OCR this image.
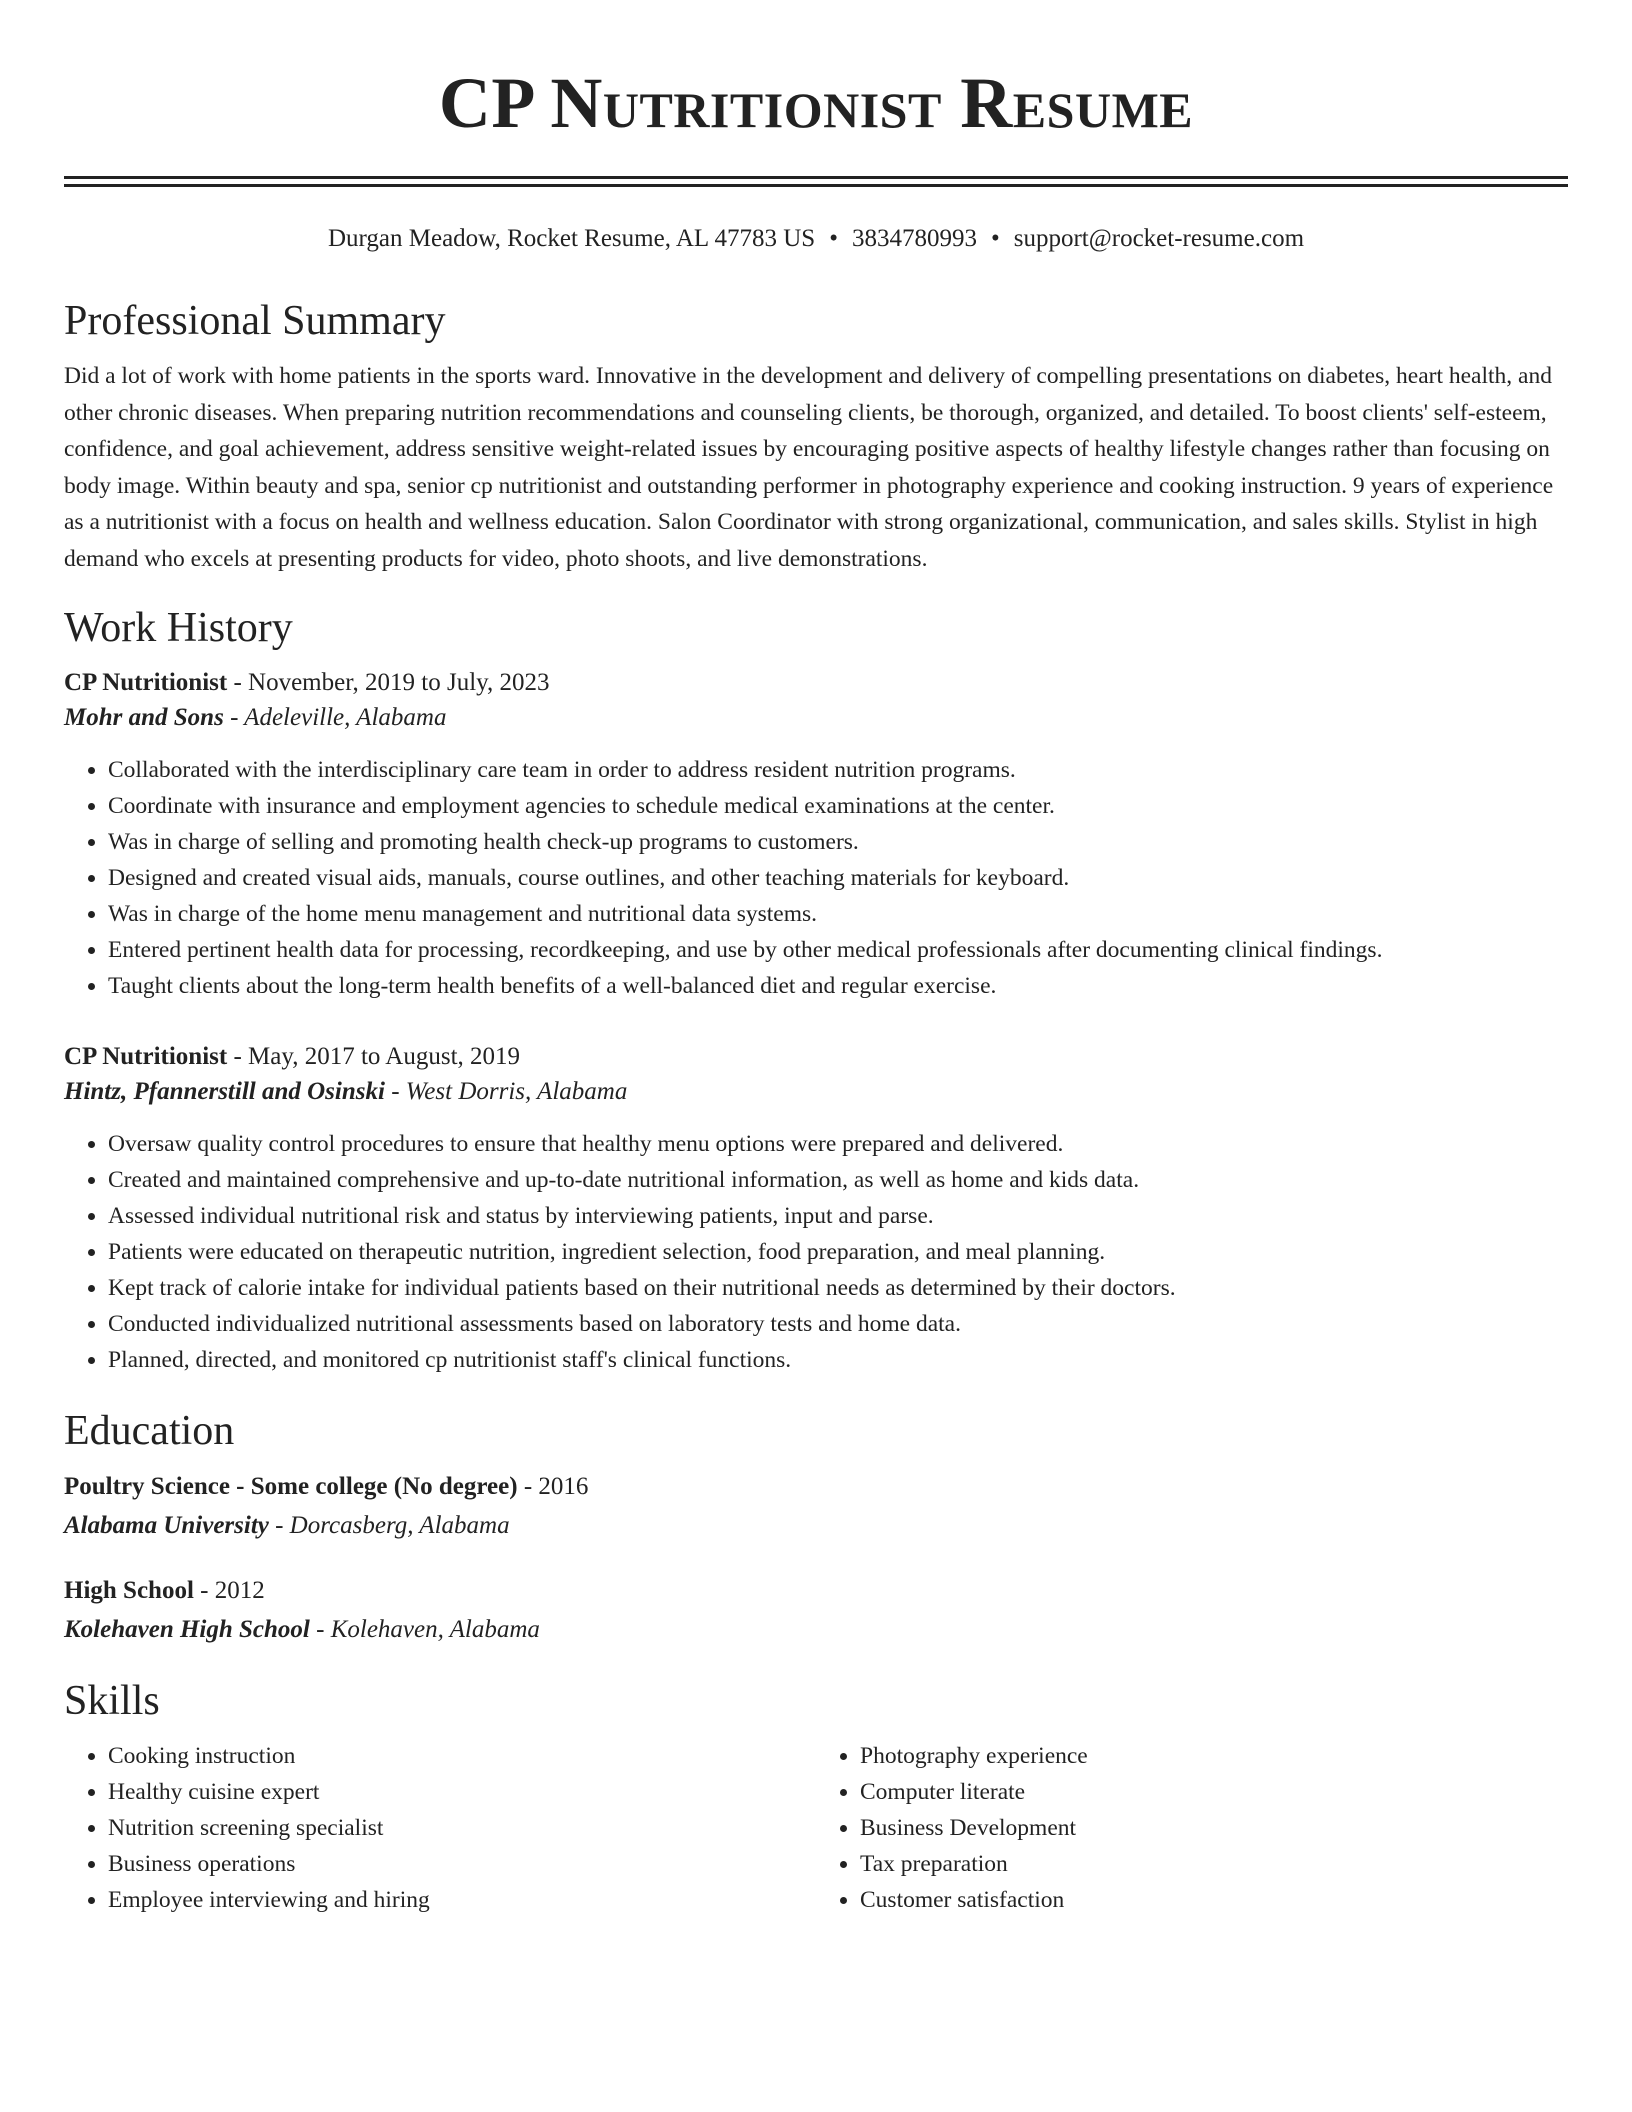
CP Nutritionist Resume
Durgan Meadow, Rocket Resume, AL 47783 US • 3834780993 • support@rocket-resume.com
Professional Summary
Did a lot of work with home patients in the sports ward. Innovative in the development and delivery of compelling presentations on diabetes, heart health, and other chronic diseases. When preparing nutrition recommendations and counseling clients, be thorough, organized, and detailed. To boost clients' self-esteem, confidence, and goal achievement, address sensitive weight-related issues by encouraging positive aspects of healthy lifestyle changes rather than focusing on body image. Within beauty and spa, senior cp nutritionist and outstanding performer in photography experience and cooking instruction. 9 years of experience as a nutritionist with a focus on health and wellness education. Salon Coordinator with strong organizational, communication, and sales skills. Stylist in high demand who excels at presenting products for video, photo shoots, and live demonstrations.
Work History
CP Nutritionist - November, 2019 to July, 2023
Mohr and Sons - Adeleville, Alabama
• Collaborated with the interdisciplinary care team in order to address resident nutrition programs.
• Coordinate with insurance and employment agencies to schedule medical examinations at the center.
• Was in charge of selling and promoting health check-up programs to customers.
• Designed and created visual aids, manuals, course outlines, and other teaching materials for keyboard.
• Was in charge of the home menu management and nutritional data systems.
• Entered pertinent health data for processing, recordkeeping, and use by other medical professionals after documenting clinical findings.
• Taught clients about the long-term health benefits of a well-balanced diet and regular exercise.
CP Nutritionist - May, 2017 to August, 2019
Hintz, Pfannerstill and Osinski - West Dorris, Alabama
• Oversaw quality control procedures to ensure that healthy menu options were prepared and delivered.
• Created and maintained comprehensive and up-to-date nutritional information, as well as home and kids data.
• Assessed individual nutritional risk and status by interviewing patients, input and parse.
• Patients were educated on therapeutic nutrition, ingredient selection, food preparation, and meal planning.
• Kept track of calorie intake for individual patients based on their nutritional needs as determined by their doctors.
• Conducted individualized nutritional assessments based on laboratory tests and home data.
• Planned, directed, and monitored cp nutritionist staff's clinical functions.
Education
Poultry Science - Some college (No degree) - 2016
Alabama University - Dorcasberg, Alabama
High School - 2012
Kolehaven High School - Kolehaven, Alabama
Skills
• Cooking instruction
• Healthy cuisine expert
• Nutrition screening specialist
• Business operations
• Employee interviewing and hiring
• Photography experience
• Computer literate
• Business Development
• Tax preparation
• Customer satisfaction
